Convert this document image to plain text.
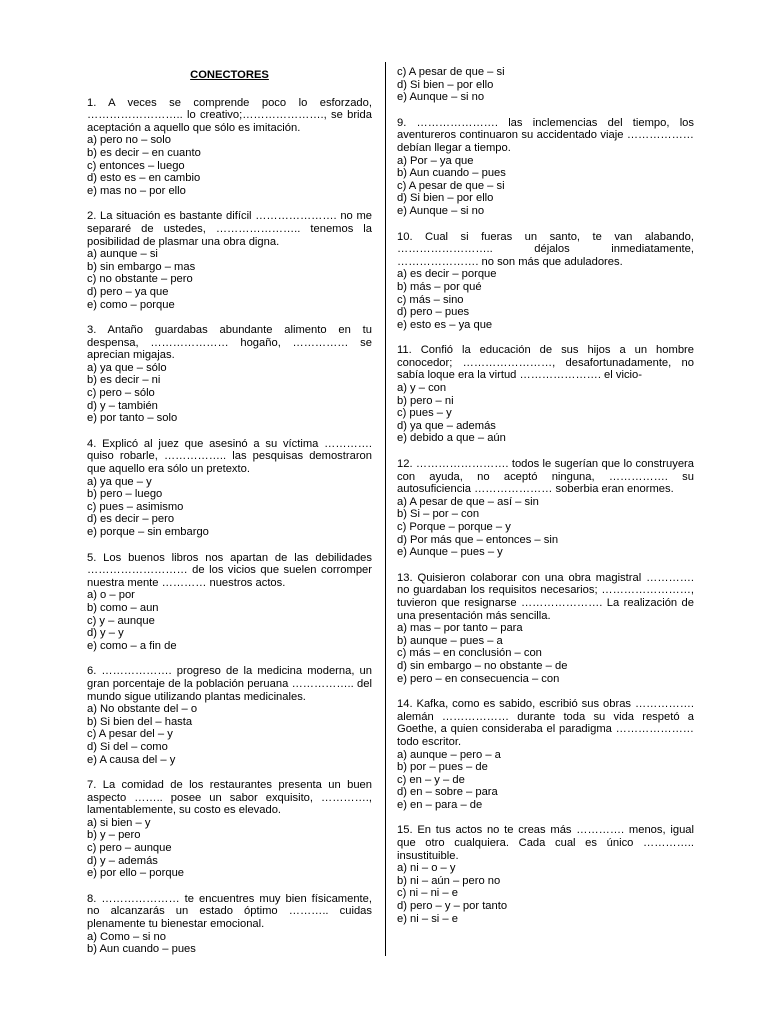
CONECTORES
1. A veces se comprende poco lo esforzado, …………………….. lo creativo;…………………., se brida aceptación a aquello que sólo es imitación.
a) pero no – solo
b) es decir – en cuanto
c) entonces – luego
d) esto es – en cambio
e) mas no – por ello
2. La situación es bastante difícil …………………. no me separaré de ustedes, ………………….. tenemos la posibilidad de plasmar una obra digna.
a) aunque – si
b) sin embargo – mas
c) no obstante – pero
d) pero – ya que
e) como – porque
3. Antaño guardabas abundante alimento en tu despensa, ………………… hogaño, …………… se aprecian migajas.
a) ya que – sólo
b) es decir – ni
c) pero – sólo
d) y – también
e) por tanto – solo
4. Explicó al juez que asesinó a su víctima …………. quiso robarle, …………….. las pesquisas demostraron que aquello era sólo un pretexto.
a) ya que – y
b) pero – luego
c) pues – asimismo
d) es decir – pero
e) porque – sin embargo
5. Los buenos libros nos apartan de las debilidades ……………………… de los vicios que suelen corromper nuestra mente ………… nuestros actos.
a) o – por
b) como – aun
c) y – aunque
d) y – y
e) como – a fin de
6. ………………. progreso de la medicina moderna, un gran porcentaje de la población peruana …………….. del mundo sigue utilizando plantas medicinales.
a) No obstante del – o
b) Si bien del – hasta
c) A pesar del – y
d) Si del – como
e) A causa del – y
7. La comidad de los restaurantes presenta un buen aspecto …….. posee un sabor exquisito, …………., lamentablemente, su costo es elevado.
a) si bien – y
b) y – pero
c) pero – aunque
d) y – además
e) por ello – porque
8. ………………… te encuentres muy bien físicamente, no alcanzarás un estado óptimo ……….. cuidas plenamente tu bienestar emocional.
a) Como – si no
b) Aun cuando – pues
c) A pesar de que – si
d) Si bien – por ello
e) Aunque – si no
9. …………………. las inclemencias del tiempo, los aventureros continuaron su accidentado viaje ……………… debían llegar a tiempo.
a) Por – ya que
b) Aun cuando – pues
c) A pesar de que – si
d) Si bien – por ello
e) Aunque – si no
10. Cual si fueras un santo, te van alabando, …………………….. déjalos inmediatamente, …………………. no son más que aduladores.
a) es decir – porque
b) más – por qué
c) más – sino
d) pero – pues
e) esto es – ya que
11. Confió la educación de sus hijos a un hombre conocedor; ……………………, desafortunadamente, no sabía loque era la virtud …………………. el vicio-
a) y – con
b) pero – ni
c) pues – y
d) ya que – además
e) debido a que – aún
12. ……………………. todos le sugerían que lo construyera con ayuda, no aceptó ninguna, ……………. su autosuficiencia ………………… soberbia eran enormes.
a) A pesar de que – así – sin
b) Si – por – con
c) Porque – porque – y
d) Por más que – entonces – sin
e) Aunque – pues – y
13. Quisieron colaborar con una obra magistral …………. no guardaban los requisitos necesarios; ……………………, tuvieron que resignarse …………………. La realización de una presentación más sencilla.
a) mas – por tanto – para
b) aunque – pues – a
c) más – en conclusión – con
d) sin embargo – no obstante – de
e) pero – en consecuencia – con
14. Kafka, como es sabido, escribió sus obras ……………. alemán ……………… durante toda su vida respetó a Goethe, a quien consideraba el paradigma ………………… todo escritor.
a) aunque – pero – a
b) por – pues – de
c) en – y – de
d) en – sobre – para
e) en – para – de
15. En tus actos no te creas más …………. menos, igual que otro cualquiera. Cada cual es único ………….. insustituible.
a) ni – o – y
b) ni – aún – pero no
c) ni – ni – e
d) pero – y – por tanto
e) ni – si – e
